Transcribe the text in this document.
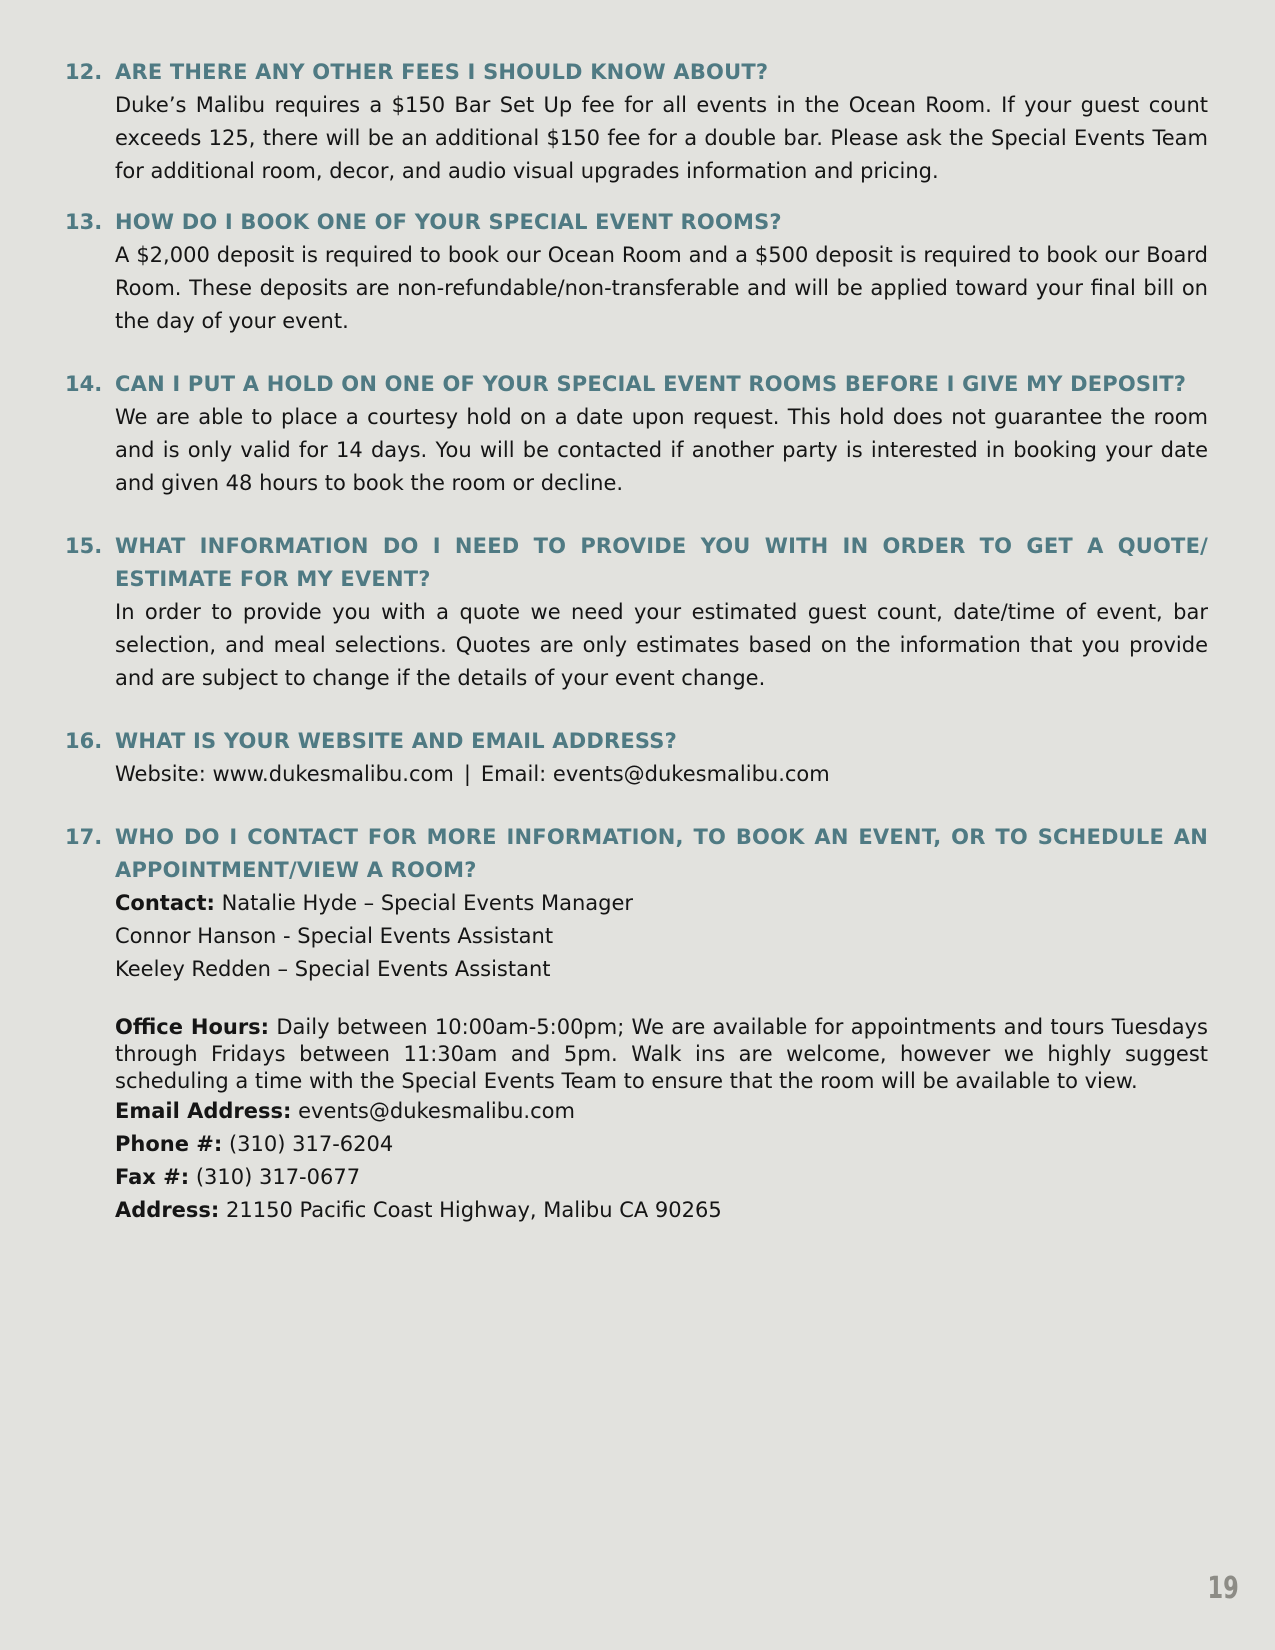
12. ARE THERE ANY OTHER FEES I SHOULD KNOW ABOUT?
Duke’s Malibu requires a $150 Bar Set Up fee for all events in the Ocean Room. If your guest count exceeds 125, there will be an additional $150 fee for a double bar. Please ask the Special Events Team for additional room, decor, and audio visual upgrades information and pricing.
13. HOW DO I BOOK ONE OF YOUR SPECIAL EVENT ROOMS?
A $2,000 deposit is required to book our Ocean Room and a $500 deposit is required to book our Board Room. These deposits are non-refundable/non-transferable and will be applied toward your final bill on the day of your event.
14. CAN I PUT A HOLD ON ONE OF YOUR SPECIAL EVENT ROOMS BEFORE I GIVE MY DEPOSIT?
We are able to place a courtesy hold on a date upon request. This hold does not guarantee the room and is only valid for 14 days. You will be contacted if another party is interested in booking your date and given 48 hours to book the room or decline.
15. WHAT INFORMATION DO I NEED TO PROVIDE YOU WITH IN ORDER TO GET A QUOTE/ ESTIMATE FOR MY EVENT?
In order to provide you with a quote we need your estimated guest count, date/time of event, bar selection, and meal selections. Quotes are only estimates based on the information that you provide and are subject to change if the details of your event change.
16. WHAT IS YOUR WEBSITE AND EMAIL ADDRESS?
Website: www.dukesmalibu.com | Email: events@dukesmalibu.com
17. WHO DO I CONTACT FOR MORE INFORMATION, TO BOOK AN EVENT, OR TO SCHEDULE AN APPOINTMENT/VIEW A ROOM?
Contact: Natalie Hyde – Special Events Manager
Connor Hanson - Special Events Assistant
Keeley Redden – Special Events Assistant
Office Hours: Daily between 10:00am-5:00pm; We are available for appointments and tours Tuesdays through Fridays between 11:30am and 5pm. Walk ins are welcome, however we highly suggest scheduling a time with the Special Events Team to ensure that the room will be available to view.
Email Address: events@dukesmalibu.com
Phone #: (310) 317-6204
Fax #: (310) 317-0677
Address: 21150 Pacific Coast Highway, Malibu CA 90265
19
